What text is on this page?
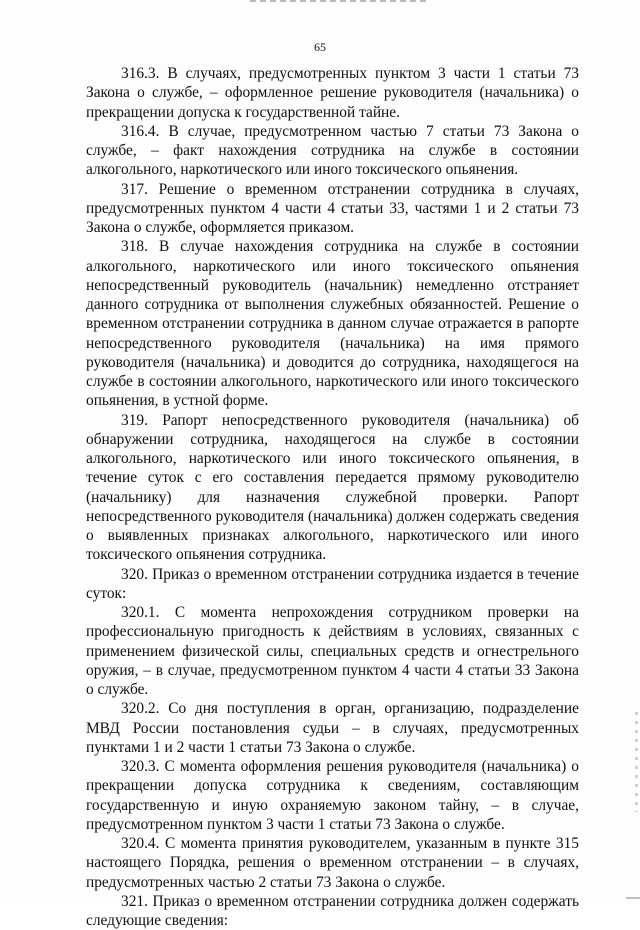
65

316.3. В случаях, предусмотренных пунктом 3 части 1 статьи 73 Закона о службе, – оформленное решение руководителя (начальника) о прекращении допуска к государственной тайне.

316.4. В случае, предусмотренном частью 7 статьи 73 Закона о службе, – факт нахождения сотрудника на службе в состоянии алкогольного, наркотического или иного токсического опьянения.

317. Решение о временном отстранении сотрудника в случаях, предусмотренных пунктом 4 части 4 статьи 33, частями 1 и 2 статьи 73 Закона о службе, оформляется приказом.

318. В случае нахождения сотрудника на службе в состоянии алкогольного, наркотического или иного токсического опьянения непосредственный руководитель (начальник) немедленно отстраняет данного сотрудника от выполнения служебных обязанностей. Решение о временном отстранении сотрудника в данном случае отражается в рапорте непосредственного руководителя (начальника) на имя прямого руководителя (начальника) и доводится до сотрудника, находящегося на службе в состоянии алкогольного, наркотического или иного токсического опьянения, в устной форме.

319. Рапорт непосредственного руководителя (начальника) об обнаружении сотрудника, находящегося на службе в состоянии алкогольного, наркотического или иного токсического опьянения, в течение суток с его составления передается прямому руководителю (начальнику) для назначения служебной проверки. Рапорт непосредственного руководителя (начальника) должен содержать сведения о выявленных признаках алкогольного, наркотического или иного токсического опьянения сотрудника.

320. Приказ о временном отстранении сотрудника издается в течение суток:

320.1. С момента непрохождения сотрудником проверки на профессиональную пригодность к действиям в условиях, связанных с применением физической силы, специальных средств и огнестрельного оружия, – в случае, предусмотренном пунктом 4 части 4 статьи 33 Закона о службе.

320.2. Со дня поступления в орган, организацию, подразделение МВД России постановления судьи – в случаях, предусмотренных пунктами 1 и 2 части 1 статьи 73 Закона о службе.

320.3. С момента оформления решения руководителя (начальника) о прекращении допуска сотрудника к сведениям, составляющим государственную и иную охраняемую законом тайну, – в случае, предусмотренном пунктом 3 части 1 статьи 73 Закона о службе.

320.4. С момента принятия руководителем, указанным в пункте 315 настоящего Порядка, решения о временном отстранении – в случаях, предусмотренных частью 2 статьи 73 Закона о службе.

321. Приказ о временном отстранении сотрудника должен содержать следующие сведения:
